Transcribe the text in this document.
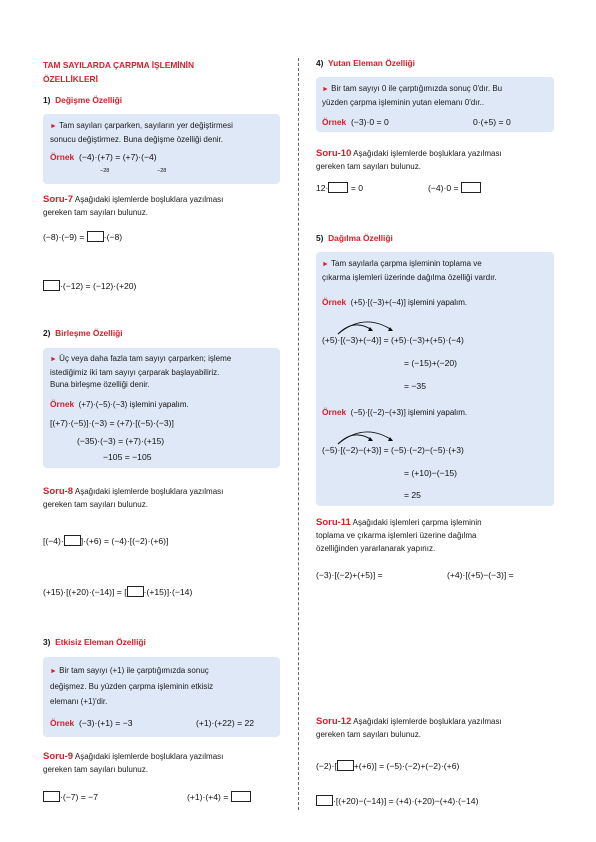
TAM SAYILARDA ÇARPMA İŞLEMİNİN
ÖZELLİKLERİ
1) Değişme Özelliği
► Tam sayıları çarparken, sayıların yer değiştirmesi
sonucu değiştirmez. Buna değişme özelliği denir.
Örnek (−4)·(+7) = (+7)·(−4)
−28	−28
Soru-7 Aşağıdaki işlemlerde boşluklara yazılması
gereken tam sayıları bulunuz.
(−8)·(−9) = ·(−8)
·(−12) = (−12)·(+20)
2) Birleşme Özelliği
► Üç veya daha fazla tam sayıyı çarparken; işleme
istediğimiz iki tam sayıyı çarparak başlayabiliriz.
Buna birleşme özelliği denir.
Örnek (+7)·(−5)·(−3) işlemini yapalım.
[(+7)·(−5)]·(−3) = (+7)·[(−5)·(−3)]
(−35)·(−3) = (+7)·(+15)
−105 = −105
Soru-8 Aşağıdaki işlemlerde boşluklara yazılması
gereken tam sayıları bulunuz.
[(−4)· ]·(+6) = (−4)·[(−2)·(+6)]
(+15)·[(+20)·(−14)] = [ ·(+15)]·(−14)
3) Etkisiz Eleman Özelliği
► Bir tam sayıyı (+1) ile çarptığımızda sonuç
değişmez. Bu yüzden çarpma işleminin etkisiz
elemanı (+1)'dir.
Örnek (−3)·(+1) = −3	(+1)·(+22) = 22
Soru-9 Aşağıdaki işlemlerde boşluklara yazılması
gereken tam sayıları bulunuz.
·(−7) = −7	(+1)·(+4) =
4) Yutan Eleman Özelliği
► Bir tam sayıyı 0 ile çarptığımızda sonuç 0'dır. Bu
yüzden çarpma işleminin yutan elemanı 0'dır..
Örnek (−3)·0 = 0	0·(+5) = 0
Soru-10 Aşağıdaki işlemlerde boşluklara yazılması
gereken tam sayıları bulunuz.
12·	= 0	(−4)·0 =
5) Dağılma Özelliği
► Tam sayılarla çarpma işleminin toplama ve
çıkarma işlemleri üzerinde dağılma özelliği vardır.
Örnek (+5)·[(−3)+(−4)] işlemini yapalım.
(+5)·[(−3)+(−4)] = (+5)·(−3)+(+5)·(−4)
= (−15)+(−20)
= −35
Örnek (−5)·[(−2)−(+3)] işlemini yapalım.
(−5)·[(−2)−(+3)] = (−5)·(−2)−(−5)·(+3)
= (+10)−(−15)
= 25
Soru-11 Aşağıdaki işlemleri çarpma işleminin
toplama ve çıkarma işlemleri üzerine dağılma
özelliğinden yararlanarak yapınız.
(−3)·[(−2)+(+5)] =	(+4)·[(+5)−(−3)] =
Soru-12 Aşağıdaki işlemlerde boşluklara yazılması
gereken tam sayıları bulunuz.
(−2)·[ +(+6)] = (−5)·(−2)+(−2)·(+6)
·[(+20)−(−14)] = (+4)·(+20)−(+4)·(−14)
